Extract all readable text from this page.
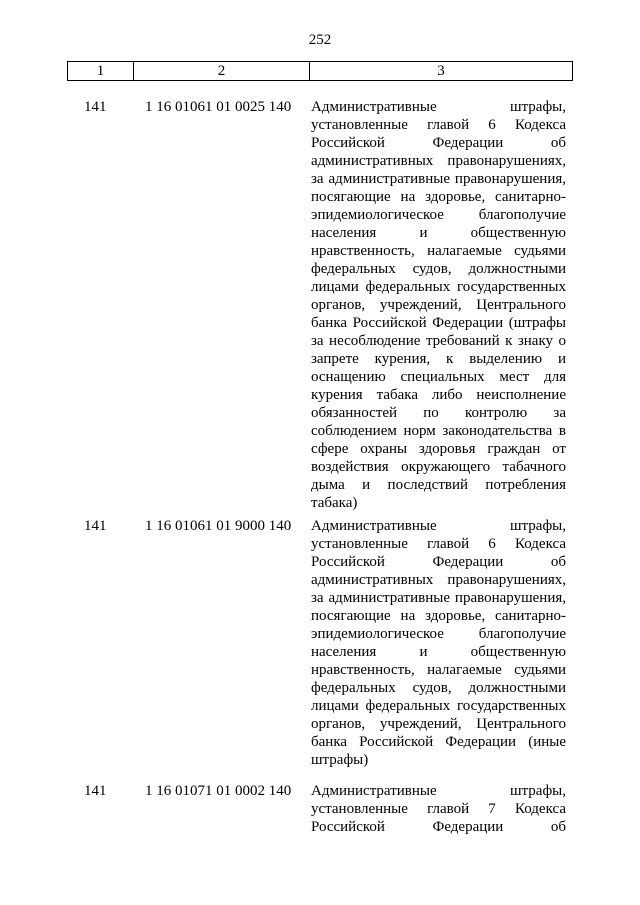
252
1	2	3
141	1 16 01061 01 0025 140	Административные штрафы,
установленные главой 6 Кодекса
Российской Федерации об
административных правонарушениях,
за административные правонарушения,
посягающие на здоровье, санитарно-
эпидемиологическое благополучие
населения и общественную
нравственность, налагаемые судьями
федеральных судов, должностными
лицами федеральных государственных
органов, учреждений, Центрального
банка Российской Федерации (штрафы
за несоблюдение требований к знаку о
запрете курения, к выделению и
оснащению специальных мест для
курения табака либо неисполнение
обязанностей по контролю за
соблюдением норм законодательства в
сфере охраны здоровья граждан от
воздействия окружающего табачного
дыма и последствий потребления
табака)
141	1 16 01061 01 9000 140	Административные штрафы,
установленные главой 6 Кодекса
Российской Федерации об
административных правонарушениях,
за административные правонарушения,
посягающие на здоровье, санитарно-
эпидемиологическое благополучие
населения и общественную
нравственность, налагаемые судьями
федеральных судов, должностными
лицами федеральных государственных
органов, учреждений, Центрального
банка Российской Федерации (иные
штрафы)
141	1 16 01071 01 0002 140	Административные штрафы,
установленные главой 7 Кодекса
Российской Федерации об
